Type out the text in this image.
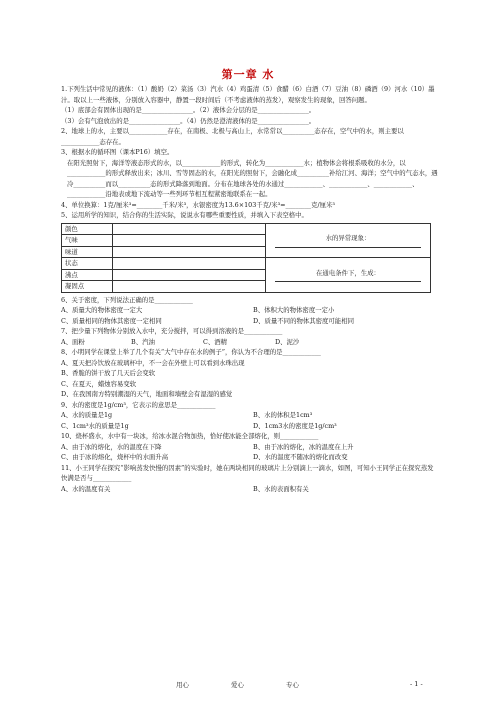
第一章 水

1.下列生活中常见的液体：（1）酸奶（2）菜汤（3）汽水（4）鸡蛋清（5）食醋（6）白酒（7）豆油（8）磷酒（9）河水（10）墨汁。取以上一些液体，分别放入容器中，静置一段时间后（不考虑液体的蒸发），观察发生的现象，回答问题。

（1）底部会有固体出现的是________________。（2）液体会分层的是________________。

（3）会有气泡放出的是________________。（4）仍然是澄清液体的是________________。

2、地球上的水，主要以____________存在，在南极、北极与高山上，水常常以__________态存在，空气中的水，则主要以____________态存在。

3、根据水的循环图（课本P16）填空。

在阳光照射下，海洋等液态形式的水，以____________的形式，转化为____________水；植物体会将根系吸收的水分，以____________的形式释放出来；冰川、雪等固态的水，在阳光的照射下，会融化成__________补给江河、海洋；空气中的气态水，遇冷__________而以__________态的形式降落到地面。分布在地球各处的水通过____________、____________、____________、____________沿地表或地下流动等一些列环节相互程紧密地联系在一起。

4、单位换算：1克/厘米³=________千米/米³，水银密度为13.6×103千克/米³=________克/厘米³

5、运用所学的知识，结合你的生活实际，说说水有哪些重要性质，并填入下表空格中。

颜色		水的异常现象：

气味		
味道		
状态		在通电条件下，生成：

沸点		
凝固点		

6、关于密度，下列说法正确的是____________

A、质量大的物体密度一定大	B、体积大的物体密度一定小

C、质量相同的物体其密度一定相同	D、质量不同的物体其密度可能相同

7、把少量下列物体分别放入水中，充分搅拌，可以得到溶液的是____________

A、面粉	B、汽油	C、酒精	D、泥沙

8、小明同学在课堂上举了几个有关“大气中存在水的例子”，你认为不合理的是____________

A、夏天把冷饮放在玻璃杯中，不一会在外壁上可以看到水珠出现

B、香脆的饼干放了几天后会变软

C、在夏天，蜡烛容易变软

D、在我国南方特别潮湿的天气，地面和墙壁会有湿湿的感觉

9、水的密度是1g/cm³，它表示的意思是____________

A、水的质量是1g	B、水的体积是1cm³

C、1cm³水的质量是1g	D、1cm3水的密度是1g/cm³

10、烧杯盛水，水中有一块冰，给冰水混合物加热，恰好使冰能全部熔化，则____________

A、由于冰的熔化，水的温度在下降	B、由于冰的熔化，冰的温度在上升

C、由于冰的熔化，烧杯中的水面升高	D、水的温度不随冰的熔化而改变

11、小王同学在探究“影响蒸发快慢的因素”的实验时，她在两块相同的玻璃片上分别滴上一滴水，如图，可知小王同学正在探究蒸发快满是否与____________

A、水的温度有关	B、水的表面积有关

用心	爱心	专心	- 1 -
